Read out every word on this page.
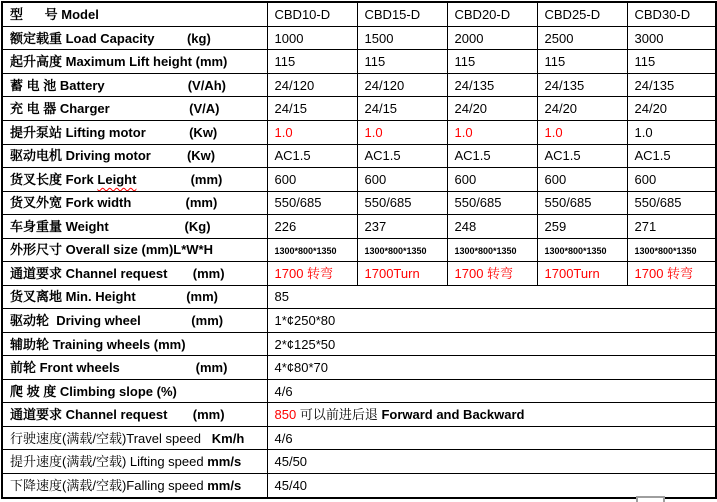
型      号 Model	CBD10-D	CBD15-D	CBD20-D	CBD25-D	CBD30-D
额定载重 Load Capacity         (kg)	1000	1500	2000	2500	3000
起升高度 Maximum Lift height (mm)	115	115	115	115	115
蓄 电 池 Battery                       (V/Ah)	24/120	24/120	24/135	24/135	24/135
充 电 器 Charger                      (V/A)	24/15	24/15	24/20	24/20	24/20
提升泵站 Lifting motor            (Kw)	1.0	1.0	1.0	1.0	1.0
驱动电机 Driving motor          (Kw)	AC1.5	AC1.5	AC1.5	AC1.5	AC1.5
货叉长度 Fork Leight               (mm)	600	600	600	600	600
货叉外宽 Fork width               (mm)	550/685	550/685	550/685	550/685	550/685
车身重量 Weight                     (Kg)	226	237	248	259	271
外形尺寸 Overall size (mm)L*W*H	1300*800*1350	1300*800*1350	1300*800*1350	1300*800*1350	1300*800*1350
通道要求 Channel request       (mm)	1700 转弯	1700Turn	1700 转弯	1700Turn	1700 转弯
货叉离地 Min. Height              (mm)	85				
驱动轮  Driving wheel              (mm)	1*¢250*80				
辅助轮 Training wheels (mm)	2*¢125*50				
前轮 Front wheels                     (mm)	4*¢80*70				
爬 坡 度 Climbing slope (%)	4/6				
通道要求 Channel request       (mm)	850 可以前进后退 Forward and Backward				
行驶速度(满载/空载)Travel speed   Km/h	4/6				
提升速度(满载/空载) Lifting speed mm/s	45/50				
下降速度(满载/空载)Falling speed mm/s	45/40				
